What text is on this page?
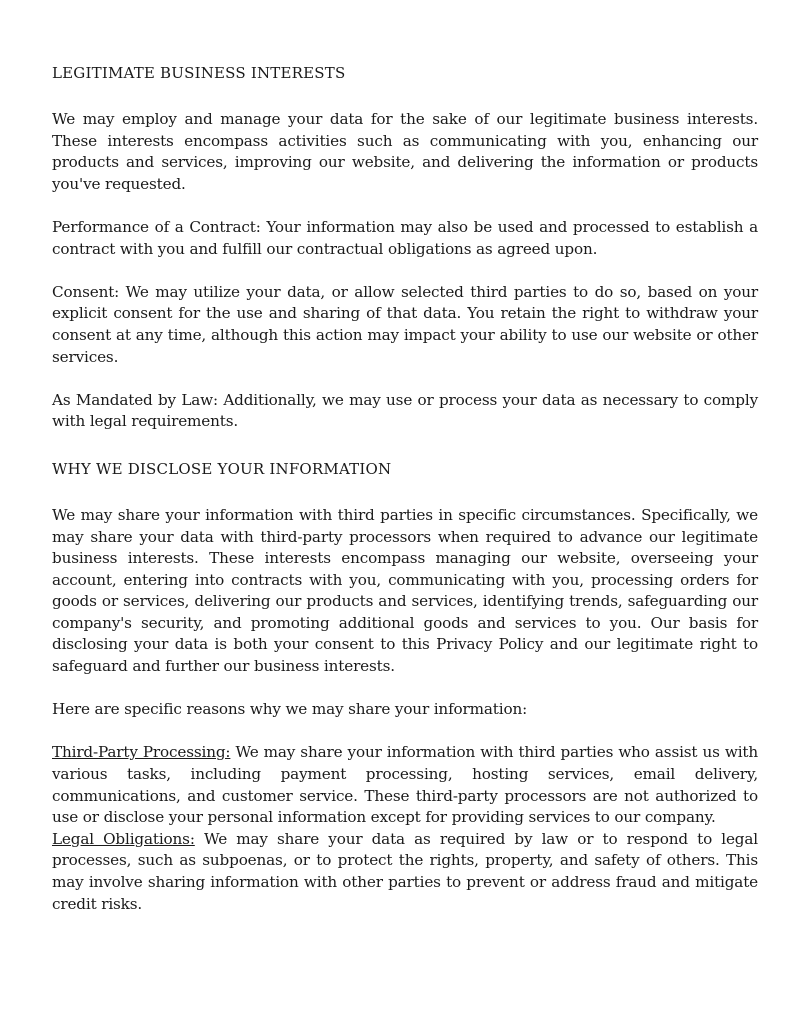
LEGITIMATE BUSINESS INTERESTS

We may employ and manage your data for the sake of our legitimate business interests. These interests encompass activities such as communicating with you, enhancing our products and services, improving our website, and delivering the information or products you've requested.

Performance of a Contract: Your information may also be used and processed to establish a contract with you and fulfill our contractual obligations as agreed upon.

Consent: We may utilize your data, or allow selected third parties to do so, based on your explicit consent for the use and sharing of that data. You retain the right to withdraw your consent at any time, although this action may impact your ability to use our website or other services.

As Mandated by Law: Additionally, we may use or process your data as necessary to comply with legal requirements.

WHY WE DISCLOSE YOUR INFORMATION

We may share your information with third parties in specific circumstances. Specifically, we may share your data with third-party processors when required to advance our legitimate business interests. These interests encompass managing our website, overseeing your account, entering into contracts with you, communicating with you, processing orders for goods or services, delivering our products and services, identifying trends, safeguarding our company's security, and promoting additional goods and services to you. Our basis for disclosing your data is both your consent to this Privacy Policy and our legitimate right to safeguard and further our business interests.

Here are specific reasons why we may share your information:

Third-Party Processing: We may share your information with third parties who assist us with various tasks, including payment processing, hosting services, email delivery, communications, and customer service. These third-party processors are not authorized to use or disclose your personal information except for providing services to our company.

Legal Obligations: We may share your data as required by law or to respond to legal processes, such as subpoenas, or to protect the rights, property, and safety of others. This may involve sharing information with other parties to prevent or address fraud and mitigate credit risks.
